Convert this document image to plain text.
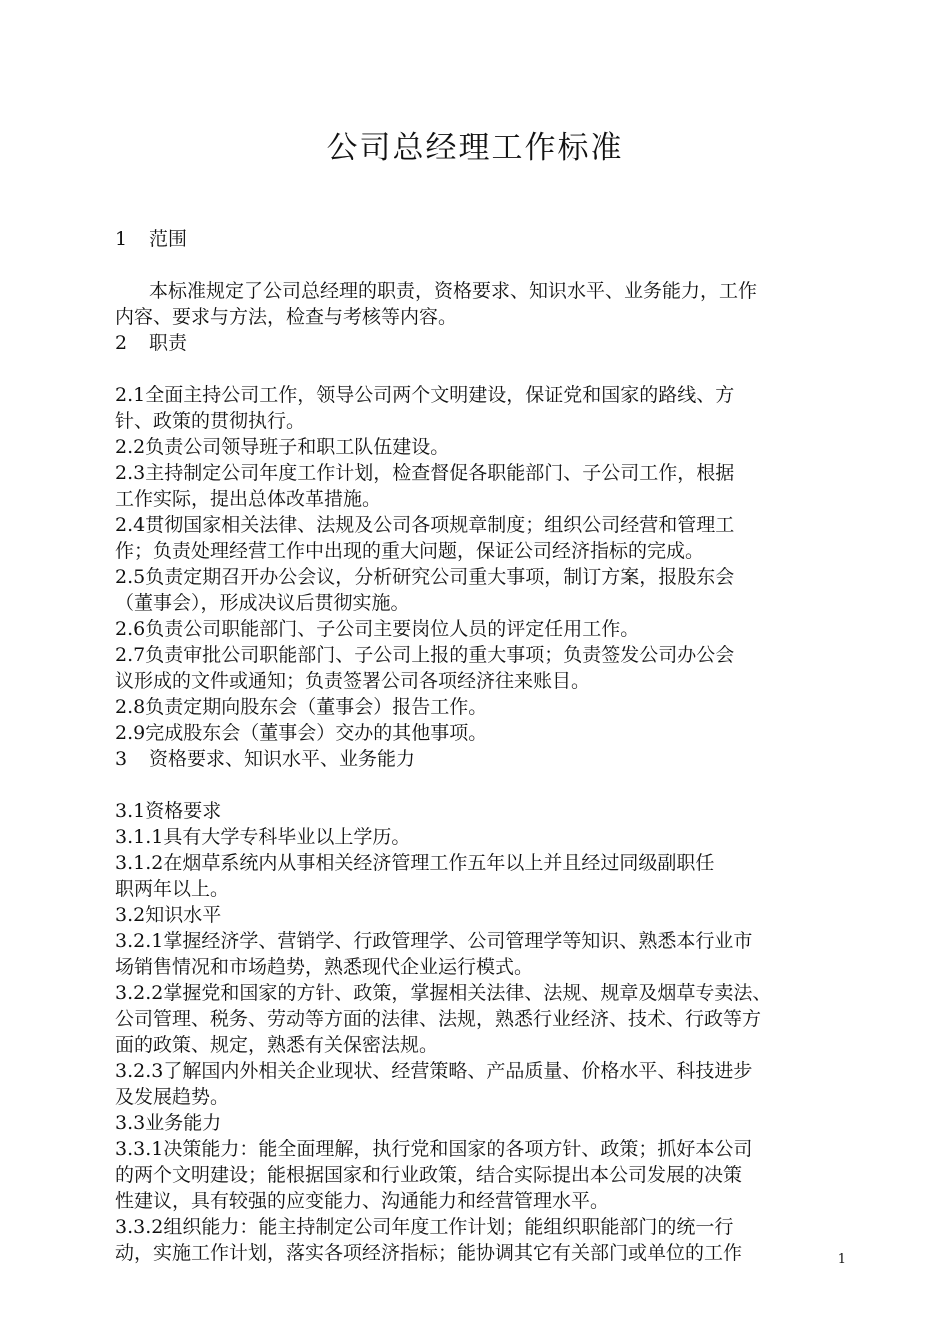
公司总经理工作标准
1 范围
本标准规定了公司总经理的职责，资格要求、知识水平、业务能力，工作
内容、要求与方法，检查与考核等内容。
2 职责
2.1全面主持公司工作，领导公司两个文明建设，保证党和国家的路线、方
针、政策的贯彻执行。
2.2负责公司领导班子和职工队伍建设。
2.3主持制定公司年度工作计划，检查督促各职能部门、子公司工作，根据
工作实际，提出总体改革措施。
2.4贯彻国家相关法律、法规及公司各项规章制度；组织公司经营和管理工
作；负责处理经营工作中出现的重大问题，保证公司经济指标的完成。
2.5负责定期召开办公会议，分析研究公司重大事项，制订方案，报股东会
（董事会），形成决议后贯彻实施。
2.6负责公司职能部门、子公司主要岗位人员的评定任用工作。
2.7负责审批公司职能部门、子公司上报的重大事项；负责签发公司办公会
议形成的文件或通知；负责签署公司各项经济往来账目。
2.8负责定期向股东会（董事会）报告工作。
2.9完成股东会（董事会）交办的其他事项。
3 资格要求、知识水平、业务能力
3.1资格要求
3.1.1具有大学专科毕业以上学历。
3.1.2在烟草系统内从事相关经济管理工作五年以上并且经过同级副职任
职两年以上。
3.2知识水平
3.2.1掌握经济学、营销学、行政管理学、公司管理学等知识、熟悉本行业市
场销售情况和市场趋势，熟悉现代企业运行模式。
3.2.2掌握党和国家的方针、政策，掌握相关法律、法规、规章及烟草专卖法、
公司管理、税务、劳动等方面的法律、法规，熟悉行业经济、技术、行政等方
面的政策、规定，熟悉有关保密法规。
3.2.3了解国内外相关企业现状、经营策略、产品质量、价格水平、科技进步
及发展趋势。
3.3业务能力
3.3.1决策能力：能全面理解，执行党和国家的各项方针、政策；抓好本公司
的两个文明建设；能根据国家和行业政策，结合实际提出本公司发展的决策
性建议，具有较强的应变能力、沟通能力和经营管理水平。
3.3.2组织能力：能主持制定公司年度工作计划；能组织职能部门的统一行
动，实施工作计划，落实各项经济指标；能协调其它有关部门或单位的工作	1
